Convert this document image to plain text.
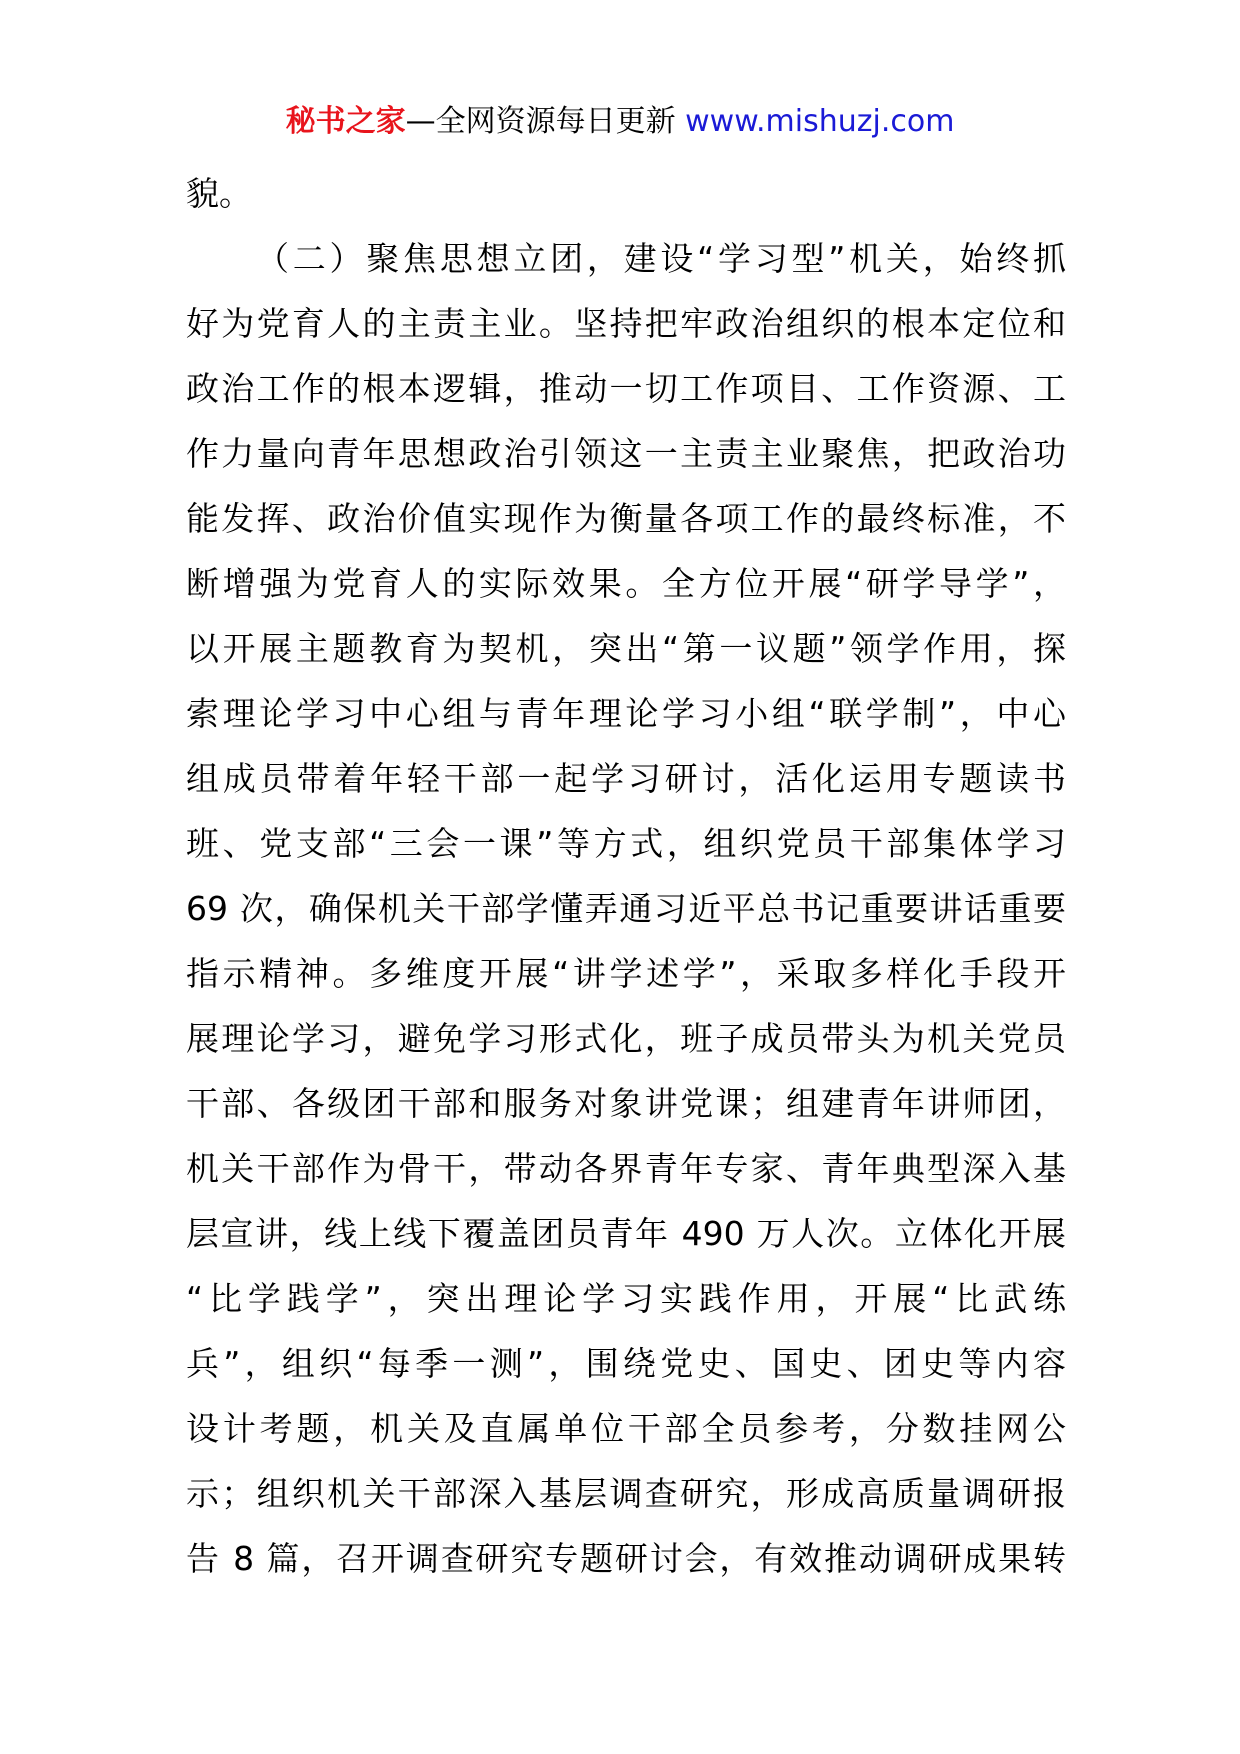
秘书之家—全网资源每日更新 www.mishuzj.com
貌。
（二）聚焦思想立团，建设“学习型”机关，始终抓
好为党育人的主责主业。坚持把牢政治组织的根本定位和
政治工作的根本逻辑，推动一切工作项目、工作资源、工
作力量向青年思想政治引领这一主责主业聚焦，把政治功
能发挥、政治价值实现作为衡量各项工作的最终标准，不
断增强为党育人的实际效果。全方位开展“研学导学”，
以开展主题教育为契机，突出“第一议题”领学作用，探
索理论学习中心组与青年理论学习小组“联学制”，中心
组成员带着年轻干部一起学习研讨，活化运用专题读书
班、党支部“三会一课”等方式，组织党员干部集体学习
69 次，确保机关干部学懂弄通习近平总书记重要讲话重要
指示精神。多维度开展“讲学述学”，采取多样化手段开
展理论学习，避免学习形式化，班子成员带头为机关党员
干部、各级团干部和服务对象讲党课；组建青年讲师团，
机关干部作为骨干，带动各界青年专家、青年典型深入基
层宣讲，线上线下覆盖团员青年 490 万人次。立体化开展
“比学践学”，突出理论学习实践作用，开展“比武练
兵”，组织“每季一测”，围绕党史、国史、团史等内容
设计考题，机关及直属单位干部全员参考，分数挂网公
示；组织机关干部深入基层调查研究，形成高质量调研报
告 8 篇，召开调查研究专题研讨会，有效推动调研成果转
